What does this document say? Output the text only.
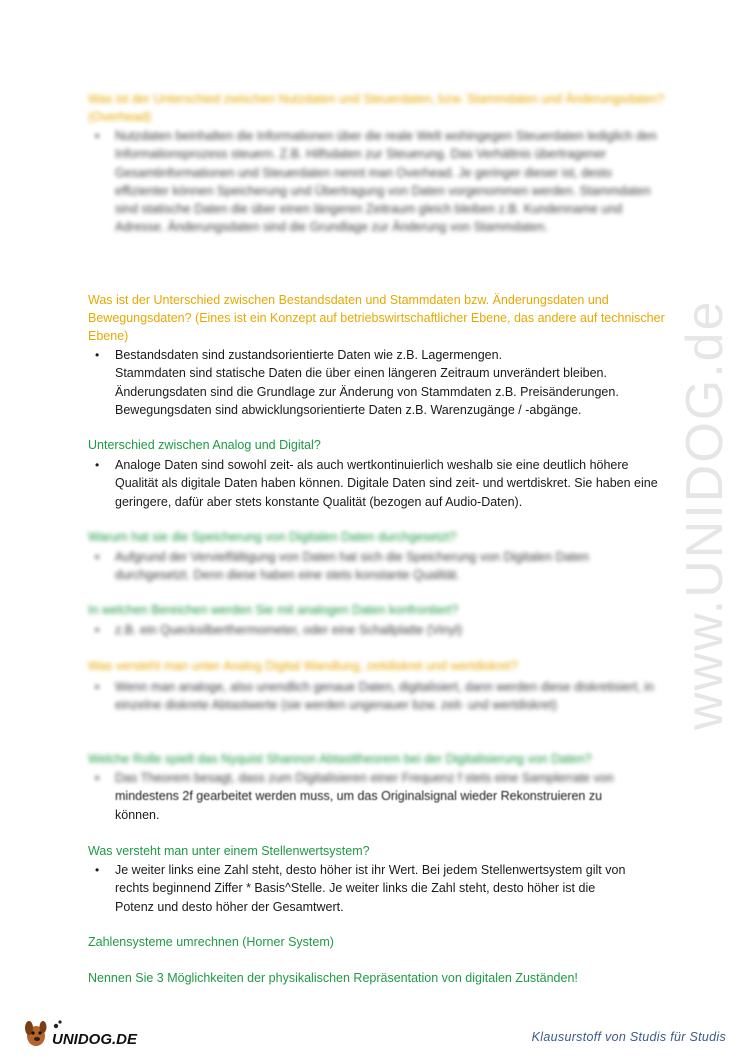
Was ist der Unterschied zwischen Nutzdaten und Steuerdaten, bzw. Stammdaten und Änderungsdaten? (Overhead)
• Nutzdaten beinhalten die Informationen über die reale Welt wohingegen Steuerdaten lediglich den Informationsprozess steuern. Z.B. Hilfsdaten zur Steuerung. Das Verhältnis übertragener Gesamtinformationen und Steuerdaten nennt man Overhead. Je geringer dieser ist, desto effizienter können Speicherung und Übertragung von Daten vorgenommen werden. Stammdaten sind statische Daten die über einen längeren Zeitraum gleich bleiben z.B. Kundenname und Adresse. Änderungsdaten sind die Grundlage zur Änderung von Stammdaten.
Was ist der Unterschied zwischen Bestandsdaten und Stammdaten bzw. Änderungsdaten und Bewegungsdaten? (Eines ist ein Konzept auf betriebswirtschaftlicher Ebene, das andere auf technischer Ebene)
• Bestandsdaten sind zustandsorientierte Daten wie z.B. Lagermengen.
Stammdaten sind statische Daten die über einen längeren Zeitraum unverändert bleiben.
Änderungsdaten sind die Grundlage zur Änderung von Stammdaten z.B. Preisänderungen.
Bewegungsdaten sind abwicklungsorientierte Daten z.B. Warenzugänge / -abgänge.
Unterschied zwischen Analog und Digital?
• Analoge Daten sind sowohl zeit- als auch wertkontinuierlich weshalb sie eine deutlich höhere Qualität als digitale Daten haben können. Digitale Daten sind zeit- und wertdiskret. Sie haben eine geringere, dafür aber stets konstante Qualität (bezogen auf Audio-Daten).
Warum hat sie die Speicherung von Digitalen Daten durchgesetzt?
• Aufgrund der Vervielfältigung von Daten hat sich die Speicherung von Digitalen Daten durchgesetzt. Denn diese haben eine stets konstante Qualität.
In welchen Bereichen werden Sie mit analogen Daten konfrontiert?
• z.B. ein Quecksilberthermometer, oder eine Schallplatte (Vinyl)
Was versteht man unter Analog Digital Wandlung, zeitdiskret und wertdiskret?
• Wenn man analoge, also unendlich genaue Daten, digitalisiert, dann werden diese diskretisiert, in einzelne diskrete Abtastwerte (sie werden ungenauer bzw. zeit- und wertdiskret)
Welche Rolle spielt das Nyquist Shannon Abtasttheorem bei der Digitalisierung von Daten?
• Das Theorem besagt, dass zum Digitalisieren einer Frequenz f stets eine Samplerrate von
mindestens 2f gearbeitet werden muss, um das Originalsignal wieder Rekonstruieren zu
können.
Was versteht man unter einem Stellenwertsystem?
• Je weiter links eine Zahl steht, desto höher ist ihr Wert. Bei jedem Stellenwertsystem gilt von
rechts beginnend Ziffer * Basis^Stelle. Je weiter links die Zahl steht, desto höher ist die
Potenz und desto höher der Gesamtwert.
Zahlensysteme umrechnen (Horner System)
Nennen Sie 3 Möglichkeiten der physikalischen Repräsentation von digitalen Zuständen!
www.UNIDOG.de
UNIDOG.DE	Klausurstoff von Studis für Studis
